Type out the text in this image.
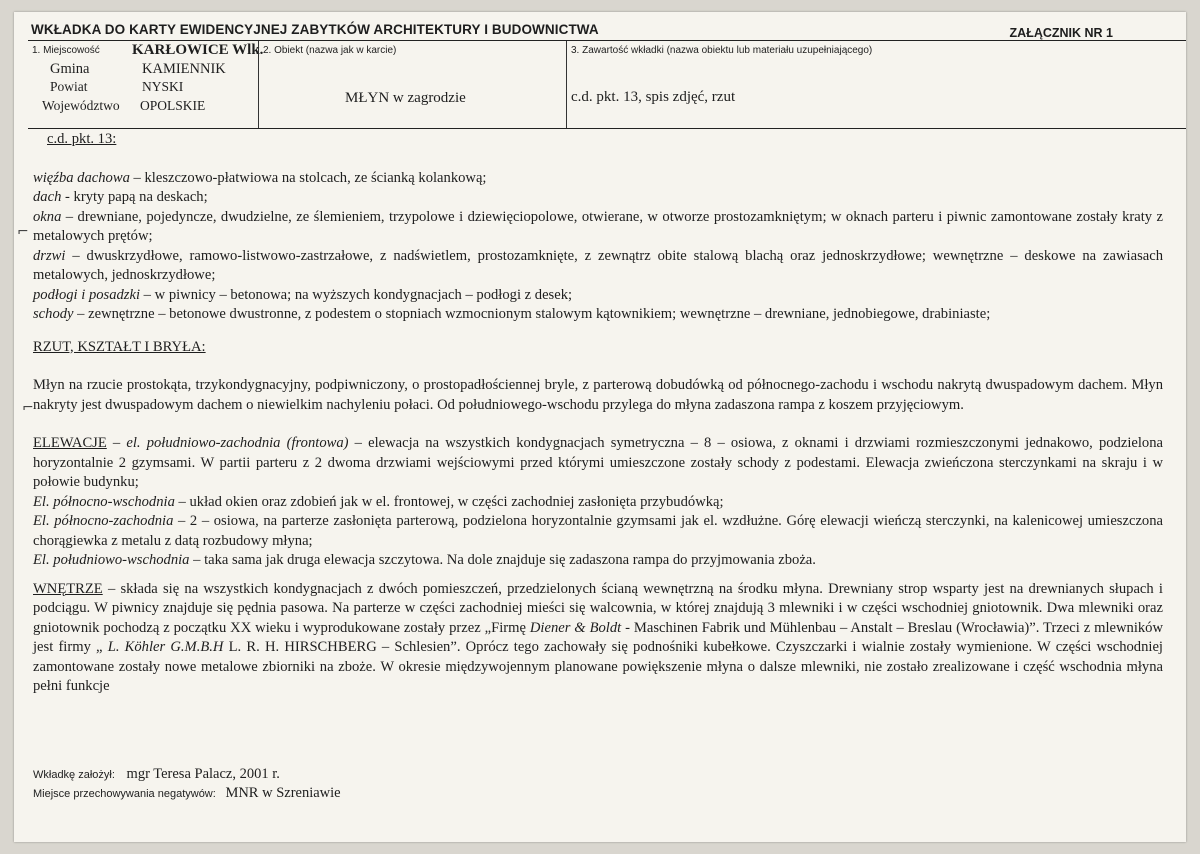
WKŁADKA DO KARTY EWIDENCYJNEJ ZABYTKÓW ARCHITEKTURY I BUDOWNICTWA	ZAŁĄCZNIK NR 1
1. Miejscowość KARŁOWICE Wlk.
Gmina	KAMIENNIK
Powiat	NYSKI
Województwo OPOLSKIE
2. Obiekt (nazwa jak w karcie)
MŁYN w zagrodzie
3. Zawartość wkładki (nazwa obiektu lub materiału uzupełniającego)
c.d. pkt. 13, spis zdjęć, rzut
⌐
⌐

c.d. pkt. 13:

więźba dachowa – kleszczowo-płatwiowa na stolcach, ze ścianką kolankową;

dach - kryty papą na deskach;

okna – drewniane, pojedyncze, dwudzielne, ze ślemieniem, trzypolowe i dziewięciopolowe, otwierane, w otworze prostozamkniętym; w oknach parteru i piwnic zamontowane zostały kraty z metalowych prętów;

drzwi – dwuskrzydłowe, ramowo-listwowo-zastrzałowe, z nadświetlem, prostozamknięte, z zewnątrz obite stalową blachą oraz jednoskrzydłowe; wewnętrzne – deskowe na zawiasach metalowych, jednoskrzydłowe;

podłogi i posadzki – w piwnicy – betonowa; na wyższych kondygnacjach – podłogi z desek;

schody – zewnętrzne – betonowe dwustronne, z podestem o stopniach wzmocnionym stalowym kątownikiem; wewnętrzne – drewniane, jednobiegowe, drabiniaste;

RZUT, KSZTAŁT I BRYŁA:

Młyn na rzucie prostokąta, trzykondygnacyjny, podpiwniczony, o prostopadłościennej bryle, z parterową dobudówką od północnego-zachodu i wschodu nakrytą dwuspadowym dachem. Młyn nakryty jest dwuspadowym dachem o niewielkim nachyleniu połaci. Od południowego-wschodu przylega do młyna zadaszona rampa z koszem przyjęciowym.

ELEWACJE – el. południowo-zachodnia (frontowa) – elewacja na wszystkich kondygnacjach symetryczna – 8 – osiowa, z oknami i drzwiami rozmieszczonymi jednakowo, podzielona horyzontalnie 2 gzymsami. W partii parteru z 2 dwoma drzwiami wejściowymi przed którymi umieszczone zostały schody z podestami. Elewacja zwieńczona sterczynkami na skraju i w połowie budynku;

El. północno-wschodnia – układ okien oraz zdobień jak w el. frontowej, w części zachodniej zasłonięta przybudówką;

El. północno-zachodnia – 2 – osiowa, na parterze zasłonięta parterową, podzielona horyzontalnie gzymsami jak el. wzdłużne. Górę elewacji wieńczą sterczynki, na kalenicowej umieszczona chorągiewka z metalu z datą rozbudowy młyna;

El. południowo-wschodnia – taka sama jak druga elewacja szczytowa. Na dole znajduje się zadaszona rampa do przyjmowania zboża.

WNĘTRZE – składa się na wszystkich kondygnacjach z dwóch pomieszczeń, przedzielonych ścianą wewnętrzną na środku młyna. Drewniany strop wsparty jest na drewnianych słupach i podciągu. W piwnicy znajduje się pędnia pasowa. Na parterze w części zachodniej mieści się walcownia, w której znajdują 3 mlewniki i w części wschodniej gniotownik. Dwa mlewniki oraz gniotownik pochodzą z początku XX wieku i wyprodukowane zostały przez „Firmę Diener & Boldt - Maschinen Fabrik und Mühlenbau – Anstalt – Breslau (Wrocławia)”. Trzeci z mlewników jest firmy „ L. Köhler G.M.B.H L. R. H. HIRSCHBERG – Schlesien”. Oprócz tego zachowały się podnośniki kubełkowe. Czyszczarki i wialnie zostały wymienione. W części wschodniej zamontowane zostały nowe metalowe zbiorniki na zboże. W okresie międzywojennym planowane powiększenie młyna o dalsze mlewniki, nie zostało zrealizowane i część wschodnia młyna pełni funkcje

Wkładkę założył: mgr Teresa Palacz, 2001 r.
Miejsce przechowywania negatywów: MNR w Szreniawie
